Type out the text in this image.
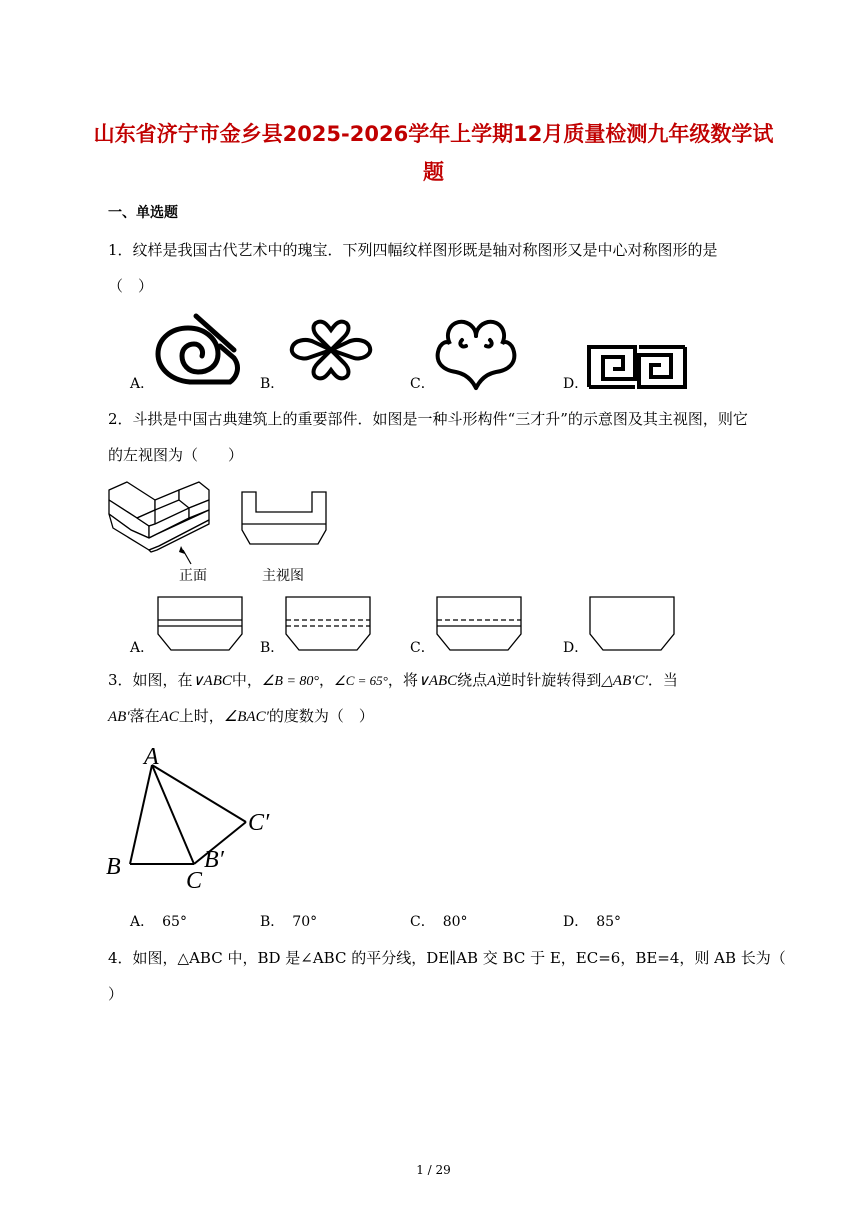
山东省济宁市金乡县2025-2026学年上学期12月质量检测九年级数学试
题
一、单选题
1．纹样是我国古代艺术中的瑰宝．下列四幅纹样图形既是轴对称图形又是中心对称图形的是
（　）
A．	B．	C．	D．
2．斗拱是中国古典建筑上的重要部件．如图是一种斗形构件“三才升”的示意图及其主视图，则它
的左视图为（　　）
正面	主视图
A．	B．	C．	D．
3．如图，在∨ABC中，∠B = 80°，∠C = 65°，将∨ABC绕点A逆时针旋转得到△AB′C′．当
AB′落在AC上时，∠BAC′的度数为（　）
A
B
C
B′
C′
A． 65°	B． 70°	C． 80°	D． 85°
4．如图，△ABC 中，BD 是∠ABC 的平分线，DE∥AB 交 BC 于 E，EC=6，BE=4，则 AB 长为（
）
1 / 29
